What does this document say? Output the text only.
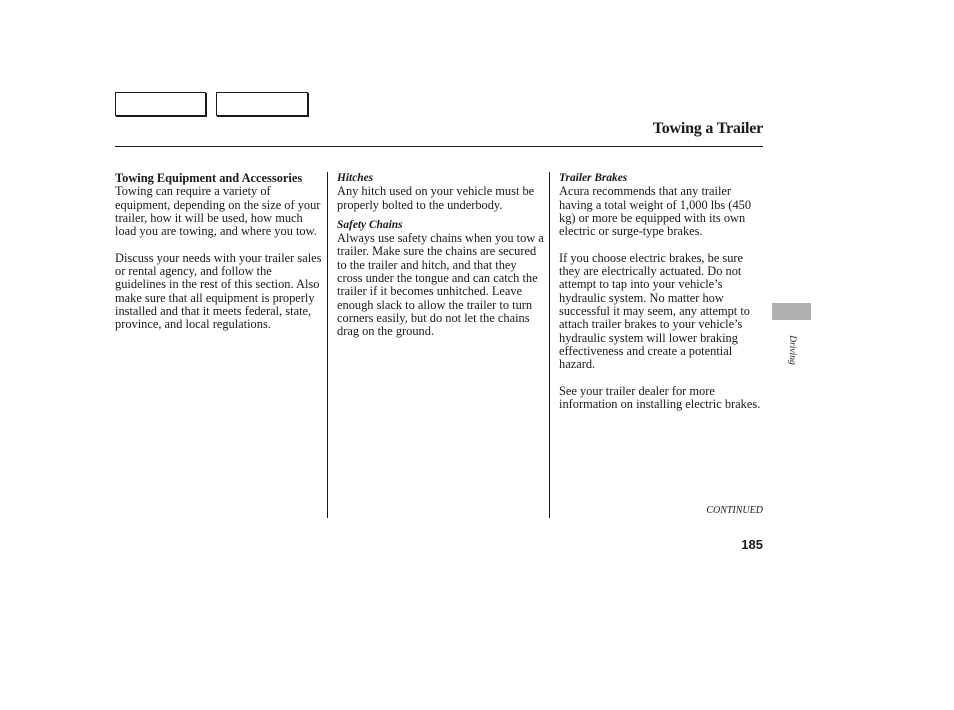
Towing a Trailer
Towing Equipment and Accessories

Towing can require a variety of equipment, depending on the size of your trailer, how it will be used, how much load you are towing, and where you tow.

Discuss your needs with your trailer sales or rental agency, and follow the guidelines in the rest of this section. Also make sure that all equipment is properly installed and that it meets federal, state, province, and local regulations.

Hitches

Any hitch used on your vehicle must be properly bolted to the underbody.

Safety Chains

Always use safety chains when you tow a trailer. Make sure the chains are secured to the trailer and hitch, and that they cross under the tongue and can catch the trailer if it becomes unhitched. Leave enough slack to allow the trailer to turn corners easily, but do not let the chains drag on the ground.

Trailer Brakes

Acura recommends that any trailer having a total weight of 1,000 lbs (450 kg) or more be equipped with its own electric or surge-type brakes.

If you choose electric brakes, be sure they are electrically actuated. Do not attempt to tap into your vehicle’s hydraulic system. No matter how successful it may seem, any attempt to attach trailer brakes to your vehicle’s hydraulic system will lower braking effectiveness and create a potential hazard.

See your trailer dealer for more information on installing electric brakes.

Driving
CONTINUED
185
